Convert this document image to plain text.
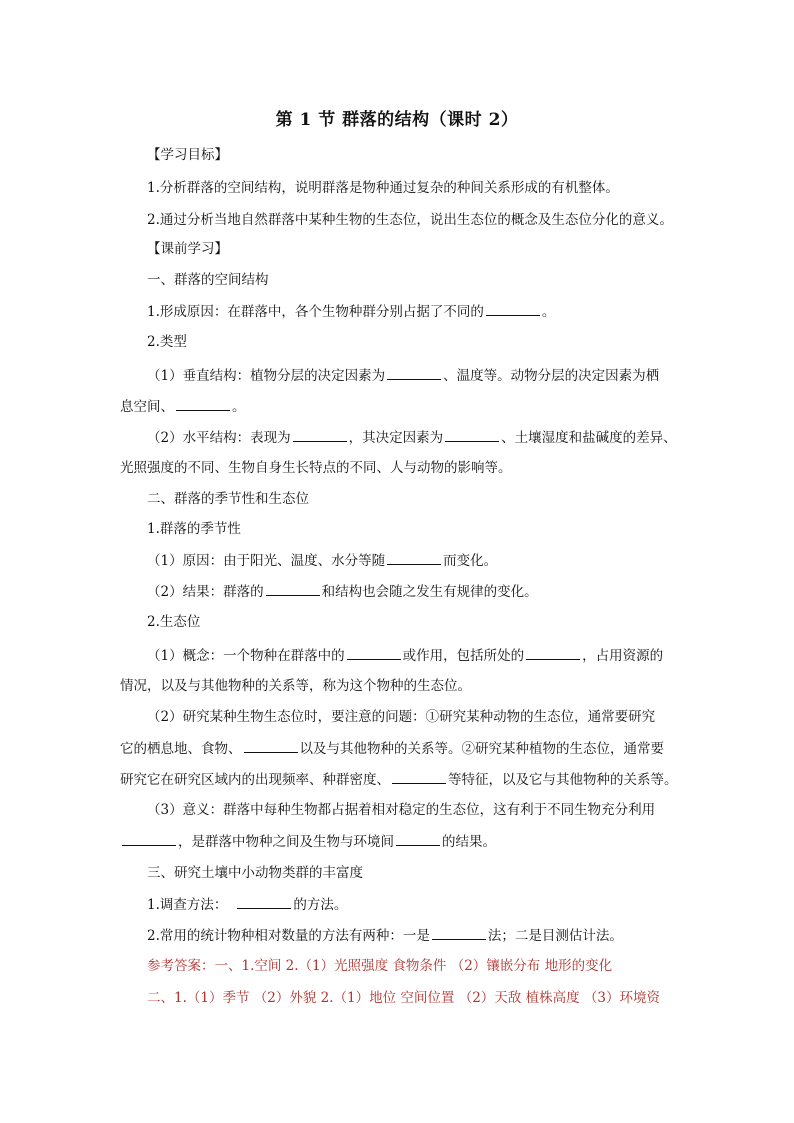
第 1 节 群落的结构（课时 2）
【学习目标】
1.分析群落的空间结构，说明群落是物种通过复杂的种间关系形成的有机整体。
2.通过分析当地自然群落中某种生物的生态位，说出生态位的概念及生态位分化的意义。
【课前学习】
一、群落的空间结构
1.形成原因：在群落中，各个生物种群分别占据了不同的	。
2.类型
（1）垂直结构：植物分层的决定因素为	、温度等。动物分层的决定因素为栖
息空间、	。
（2）水平结构：表现为	，其决定因素为	、土壤湿度和盐碱度的差异、
光照强度的不同、生物自身生长特点的不同、人与动物的影响等。
二、群落的季节性和生态位
1.群落的季节性
（1）原因：由于阳光、温度、水分等随	而变化。
（2）结果：群落的	和结构也会随之发生有规律的变化。
2.生态位
（1）概念：一个物种在群落中的	或作用，包括所处的	，占用资源的
情况，以及与其他物种的关系等，称为这个物种的生态位。
（2）研究某种生物生态位时，要注意的问题：①研究某种动物的生态位，通常要研究
它的栖息地、食物、	以及与其他物种的关系等。②研究某种植物的生态位，通常要
研究它在研究区域内的出现频率、种群密度、	等特征，以及它与其他物种的关系等。
（3）意义：群落中每种生物都占据着相对稳定的生态位，这有利于不同生物充分利用
，是群落中物种之间及生物与环境间	的结果。
三、研究土壤中小动物类群的丰富度
1.调查方法：	的方法。
2.常用的统计物种相对数量的方法有两种：一是	法；二是目测估计法。
参考答案：一、1.空间 2.（1）光照强度 食物条件 （2）镶嵌分布 地形的变化
二、1.（1）季节 （2）外貌 2.（1）地位 空间位置 （2）天敌 植株高度 （3）环境资
